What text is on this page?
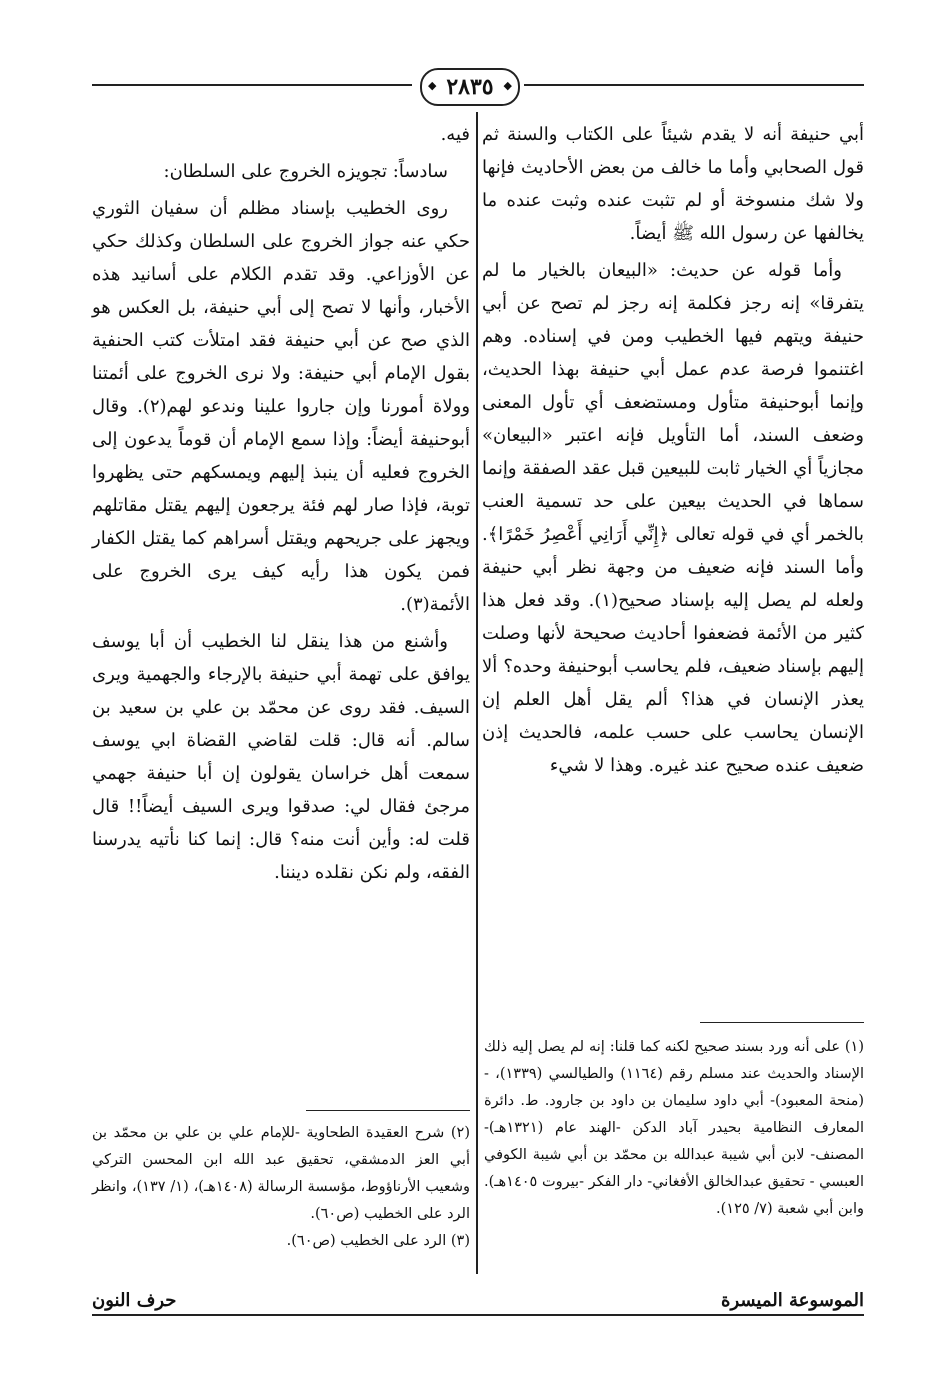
◆ ٢٨٣٥
◆

أبي حنيفة أنه لا يقدم شيئاً على الكتاب والسنة ثم قول الصحابي وأما ما خالف من بعض الأحاديث فإنها ولا شك منسوخة أو لم تثبت عنده وثبت عنده ما يخالفها عن رسول الله ﷺ أيضاً.

وأما قوله عن حديث: «البيعان بالخيار ما لم يتفرقا» إنه رجز فكلمة إنه رجز لم تصح عن أبي حنيفة ويتهم فيها الخطيب ومن في إسناده. وهم اغتنموا فرصة عدم عمل أبي حنيفة بهذا الحديث، وإنما أبوحنيفة متأول ومستضعف أي تأول المعنى وضعف السند، أما التأويل فإنه اعتبر «البيعان» مجازياً أي الخيار ثابت للبيعين قبل عقد الصفقة وإنما سماها في الحديث بيعين على حد تسمية العنب بالخمر أي في قوله تعالى ﴿إِنِّي أَرَانِي أَعْصِرُ خَمْرًا﴾. وأما السند فإنه ضعيف من وجهة نظر أبي حنيفة ولعله لم يصل إليه بإسناد صحيح(١). وقد فعل هذا كثير من الأئمة فضعفوا أحاديث صحيحة لأنها وصلت إليهم بإسناد ضعيف، فلم يحاسب أبوحنيفة وحده؟ ألا يعذر الإنسان في هذا؟ ألم يقل أهل العلم إن الإنسان يحاسب على حسب علمه، فالحديث إذن ضعيف عنده صحيح عند غيره. وهذا لا شيء

فيه.

سادساً: تجويزه الخروج على السلطان:

روى الخطيب بإسناد مظلم أن سفيان الثوري حكي عنه جواز الخروج على السلطان وكذلك حكي عن الأوزاعي. وقد تقدم الكلام على أسانيد هذه الأخبار، وأنها لا تصح إلى أبي حنيفة، بل العكس هو الذي صح عن أبي حنيفة فقد امتلأت كتب الحنفية بقول الإمام أبي حنيفة: ولا نرى الخروج على أئمتنا وولاة أمورنا وإن جاروا علينا وندعو لهم(٢). وقال أبوحنيفة أيضاً: وإذا سمع الإمام أن قوماً يدعون إلى الخروج فعليه أن ينبذ إليهم ويمسكهم حتى يظهروا توبة، فإذا صار لهم فئة يرجعون إليهم يقتل مقاتلهم ويجهز على جريحهم ويقتل أسراهم كما يقتل الكفار فمن يكون هذا رأيه كيف يرى الخروج على الأئمة(٣).

وأشنع من هذا ينقل لنا الخطيب أن أبا يوسف يوافق على تهمة أبي حنيفة بالإرجاء والجهمية ويرى السيف. فقد روى عن محمّد بن علي بن سعيد بن سالم. أنه قال: قلت لقاضي القضاة ابي يوسف سمعت أهل خراسان يقولون إن أبا حنيفة جهمي مرجئ فقال لي: صدقوا ويرى السيف أيضاً!! قال قلت له: وأين أنت منه؟ قال: إنما كنا نأتيه يدرسنا الفقه، ولم نكن نقلده ديننا.

(١) على أنه ورد بسند صحيح لكنه كما قلنا: إنه لم يصل إليه ذلك الإسناد والحديث عند مسلم رقم (١١٦٤) والطيالسي (١٣٣٩)، -(منحة المعبود)- أبي داود سليمان بن داود بن جارود. ط. دائرة المعارف النظامية بحيدر آباد الدكن -الهند عام (١٣٢١هـ)- المصنف- لابن أبي شيبة عبدالله بن محمّد بن أبي شيبة الكوفي العبسي - تحقيق عبدالخالق الأفغاني- دار الفكر -بيروت ١٤٠٥هـ). وابن أبي شعبة (٧/ ١٢٥).

(٢) شرح العقيدة الطحاوية -للإمام علي بن علي بن محمّد بن أبي العز الدمشقي، تحقيق عبد الله ابن المحسن التركي وشعيب الأرناؤوط، مؤسسة الرسالة (١٤٠٨هـ)، (١/ ١٣٧)، وانظر الرد على الخطيب (ص٦٠).

(٣) الرد على الخطيب (ص٦٠).

الموسوعة الميسرة
حرف النون
